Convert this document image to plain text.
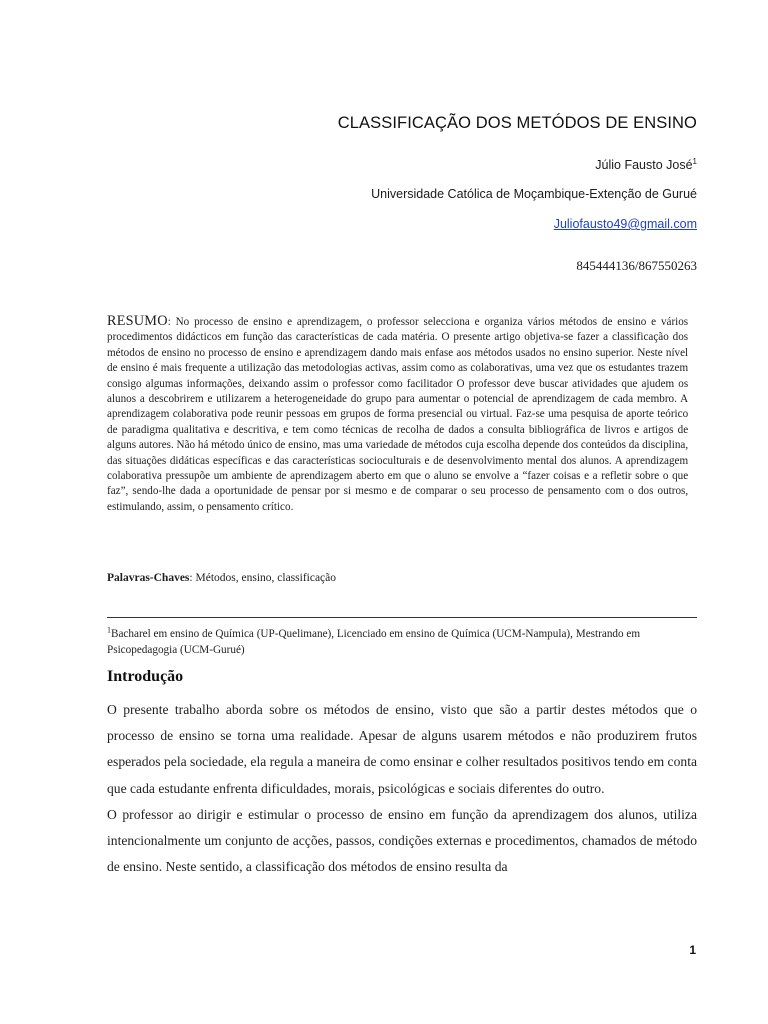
CLASSIFICAÇÃO DOS METÓDOS DE ENSINO
Júlio Fausto José$^1$
Universidade Católica de Moçambique-Extenção de Gurué
Juliofausto49@gmail.com
845444136/867550263
RESUMO: No processo de ensino e aprendizagem, o professor selecciona e organiza vários métodos de ensino e vários procedimentos didácticos em função das características de cada matéria. O presente artigo objetiva-se fazer a classificação dos métodos de ensino no processo de ensino e aprendizagem dando mais enfase aos métodos usados no ensino superior. Neste nível de ensino é mais frequente a utilização das metodologias activas, assim como as colaborativas, uma vez que os estudantes trazem consigo algumas informações, deixando assim o professor como facilitador O professor deve buscar atividades que ajudem os alunos a descobrirem e utilizarem a heterogeneidade do grupo para aumentar o potencial de aprendizagem de cada membro. A aprendizagem colaborativa pode reunir pessoas em grupos de forma presencial ou virtual. Faz-se uma pesquisa de aporte teórico de paradigma qualitativa e descritiva, e tem como técnicas de recolha de dados a consulta bibliográfica de livros e artigos de alguns autores. Não há método único de ensino, mas uma variedade de métodos cuja escolha depende dos conteúdos da disciplina, das situações didáticas específicas e das características socioculturais e de desenvolvimento mental dos alunos. A aprendizagem colaborativa pressupõe um ambiente de aprendizagem aberto em que o aluno se envolve a “fazer coisas e a refletir sobre o que faz”, sendo-lhe dada a oportunidade de pensar por si mesmo e de comparar o seu processo de pensamento com o dos outros, estimulando, assim, o pensamento crítico.
Palavras-Chaves: Métodos, ensino, classificação
$^1$Bacharel em ensino de Química (UP-Quelimane), Licenciado em ensino de Química (UCM-Nampula), Mestrando em Psicopedagogia (UCM-Gurué)
Introdução

O presente trabalho aborda sobre os métodos de ensino, visto que são a partir destes métodos que o processo de ensino se torna uma realidade. Apesar de alguns usarem métodos e não produzirem frutos esperados pela sociedade, ela regula a maneira de como ensinar e colher resultados positivos tendo em conta que cada estudante enfrenta dificuldades, morais, psicológicas e sociais diferentes do outro.

O professor ao dirigir e estimular o processo de ensino em função da aprendizagem dos alunos, utiliza intencionalmente um conjunto de acções, passos, condições externas e procedimentos, chamados de método de ensino. Neste sentido, a classificação dos métodos de ensino resulta da

1
